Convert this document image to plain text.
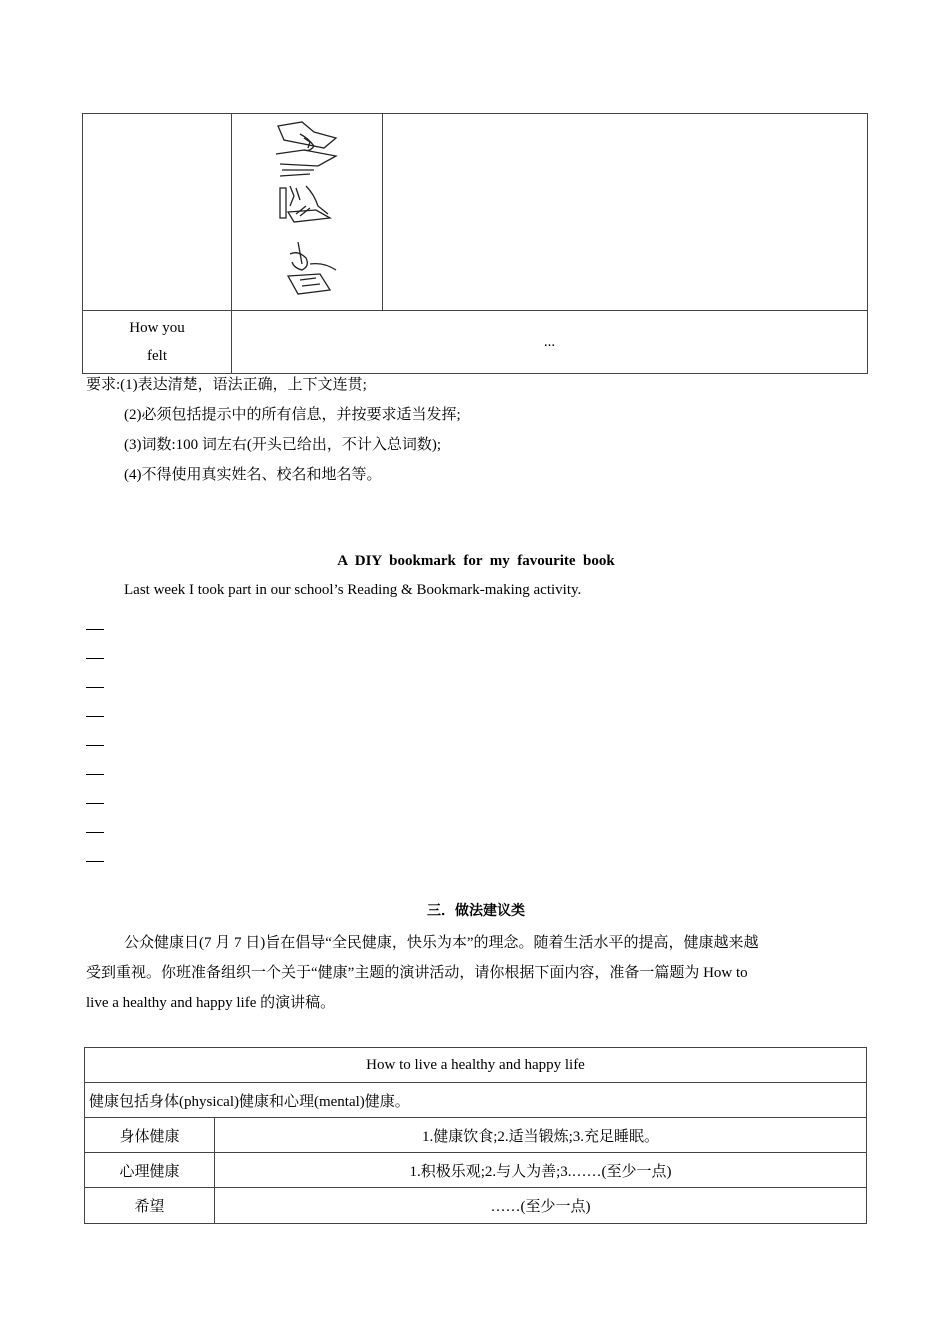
How you
felt	...	
要求:(1)表达清楚，语法正确，上下文连贯;
(2)必须包括提示中的所有信息，并按要求适当发挥;
(3)词数:100 词左右(开头已给出，不计入总词数);
(4)不得使用真实姓名、校名和地名等。
A  DIY  bookmark  for  my  favourite  book
Last week I took part in our school’s Reading & Bookmark-making activity.
三．做法建议类
公众健康日(7 月 7 日)旨在倡导“全民健康，快乐为本”的理念。随着生活水平的提高，健康越来越
受到重视。你班准备组织一个关于“健康”主题的演讲活动，请你根据下面内容，准备一篇题为 How to
live a healthy and happy life 的演讲稿。
How to live a healthy and happy life	
健康包括身体(physical)健康和心理(mental)健康。	
身体健康	1.健康饮食;2.适当锻炼;3.充足睡眠。
心理健康	1.积极乐观;2.与人为善;3.……(至少一点)
希望	……(至少一点)
